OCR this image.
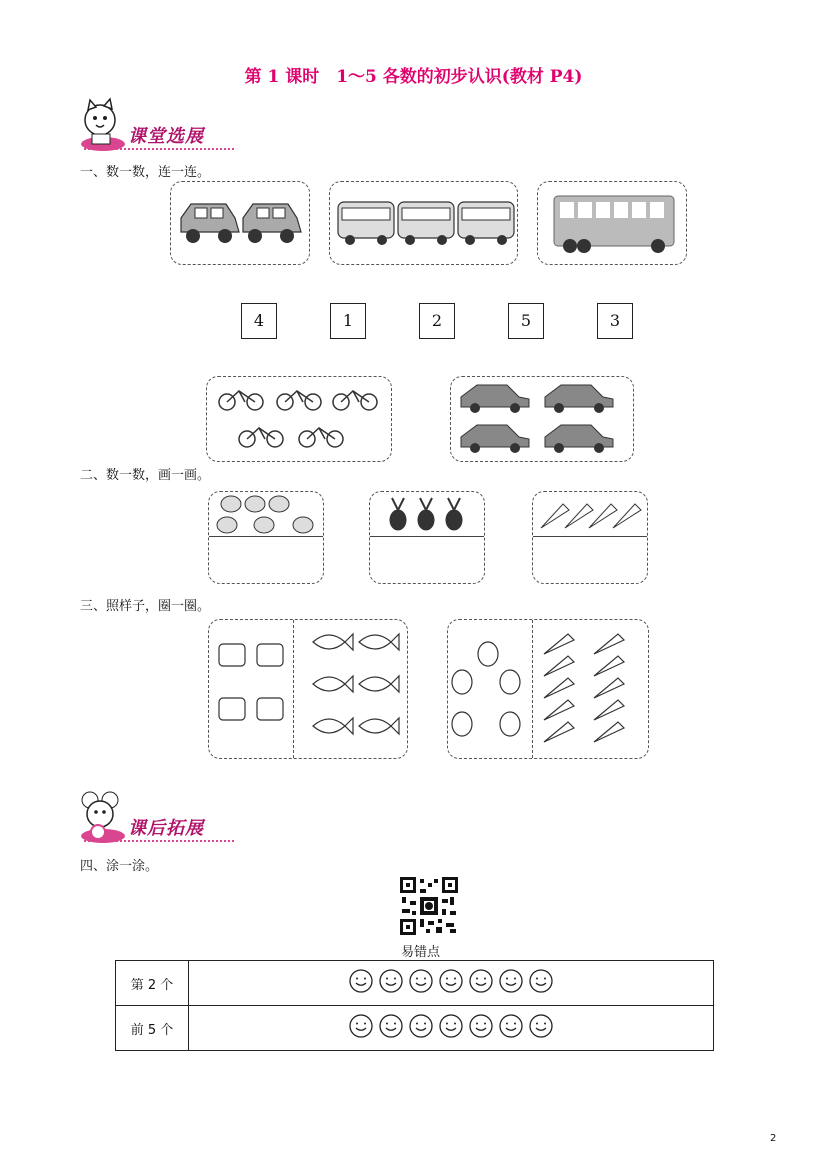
第 1 课时　1～5 各数的初步认识(教材 P4)
课堂选展
一、数一数，连一连。
4	1	2	5	3
二、数一数，画一画。
三、照样子，圈一圈。
课后拓展
四、涂一涂。
易错点
第 2 个	
前 5 个	
2
